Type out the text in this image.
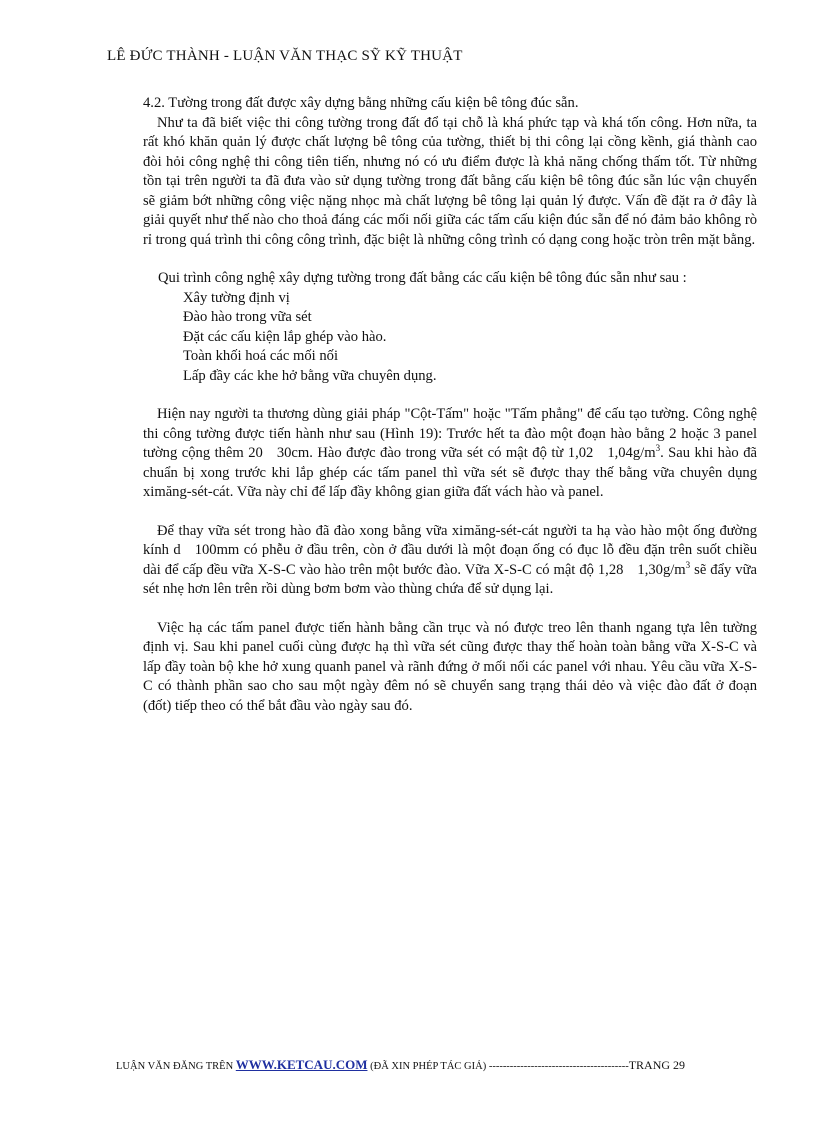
LÊ ĐỨC THÀNH - LUẬN VĂN THẠC SỸ KỸ THUẬT

4.2. Tường trong đất được xây dựng bằng những cấu kiện bê tông đúc sẵn.

Như ta đã biết việc thi công tường trong đất đổ tại chỗ là khá phức tạp và khá tốn công. Hơn nữa, ta rất khó khăn quản lý được chất lượng bê tông của tường, thiết bị thi công lại cồng kềnh, giá thành cao đòi hỏi công nghệ thi công tiên tiến, nhưng nó có ưu điểm được là khả năng chống thấm tốt. Từ những tồn tại trên người ta đã đưa vào sử dụng tường trong đất bằng cấu kiện bê tông đúc sẵn lúc vận chuyển sẽ giảm bớt những công việc nặng nhọc mà chất lượng bê tông lại quản lý được. Vấn đề đặt ra ở đây là giải quyết như thế nào cho thoả đáng các mối nối giữa các tấm cấu kiện đúc sẵn để nó đảm bảo không rò rỉ trong quá trình thi công công trình, đặc biệt là những công trình có dạng cong hoặc tròn trên mặt bằng.

Qui trình công nghệ xây dựng tường trong đất bằng các cấu kiện bê tông đúc sẵn như sau :

Xây tường định vị
Đào hào trong vữa sét
Đặt các cấu kiện lắp ghép vào hào.
Toàn khối hoá các mối nối
Lấp đầy các khe hở bằng vữa chuyên dụng.

Hiện nay người ta thương dùng giải pháp "Cột-Tấm" hoặc "Tấm phẳng" để cấu tạo tường. Công nghệ thi công tường được tiến hành như sau (Hình 19): Trước hết ta đào một đoạn hào bằng 2 hoặc 3 panel tường cộng thêm 20 30cm. Hào được đào trong vữa sét có mật độ từ 1,02 $1,04g/m^3$. Sau khi hào đã chuẩn bị xong trước khi lắp ghép các tấm panel thì vữa sét sẽ được thay thế bằng vữa chuyên dụng ximăng-sét-cát. Vữa này chỉ để lấp đầy không gian giữa đất vách hào và panel.

Để thay vữa sét trong hào đã đào xong bằng vữa ximăng-sét-cát người ta hạ vào hào một ống đường kính d 100mm có phễu ở đầu trên, còn ở đầu dưới là một đoạn ống có đục lỗ đều đặn trên suốt chiều dài để cấp đều vữa X-S-C vào hào trên một bước đào. Vữa X-S-C có mật độ 1,28 $1,30g/m^3$ sẽ đẩy vữa sét nhẹ hơn lên trên rồi dùng bơm bơm vào thùng chứa để sử dụng lại.

Việc hạ các tấm panel được tiến hành bằng cần trục và nó được treo lên thanh ngang tựa lên tường định vị. Sau khi panel cuối cùng được hạ thì vữa sét cũng được thay thế hoàn toàn bằng vữa X-S-C và lấp đầy toàn bộ khe hở xung quanh panel và rãnh đứng ở mối nối các panel với nhau. Yêu cầu vữa X-S-C có thành phần sao cho sau một ngày đêm nó sẽ chuyển sang trạng thái dẻo và việc đào đất ở đoạn (đốt) tiếp theo có thể bắt đầu vào ngày sau đó.

LUẬN VĂN ĐĂNG TRÊN WWW.KETCAU.COM (ĐÃ XIN PHÉP TÁC GIẢ) ----------------------------------------TRANG 29
